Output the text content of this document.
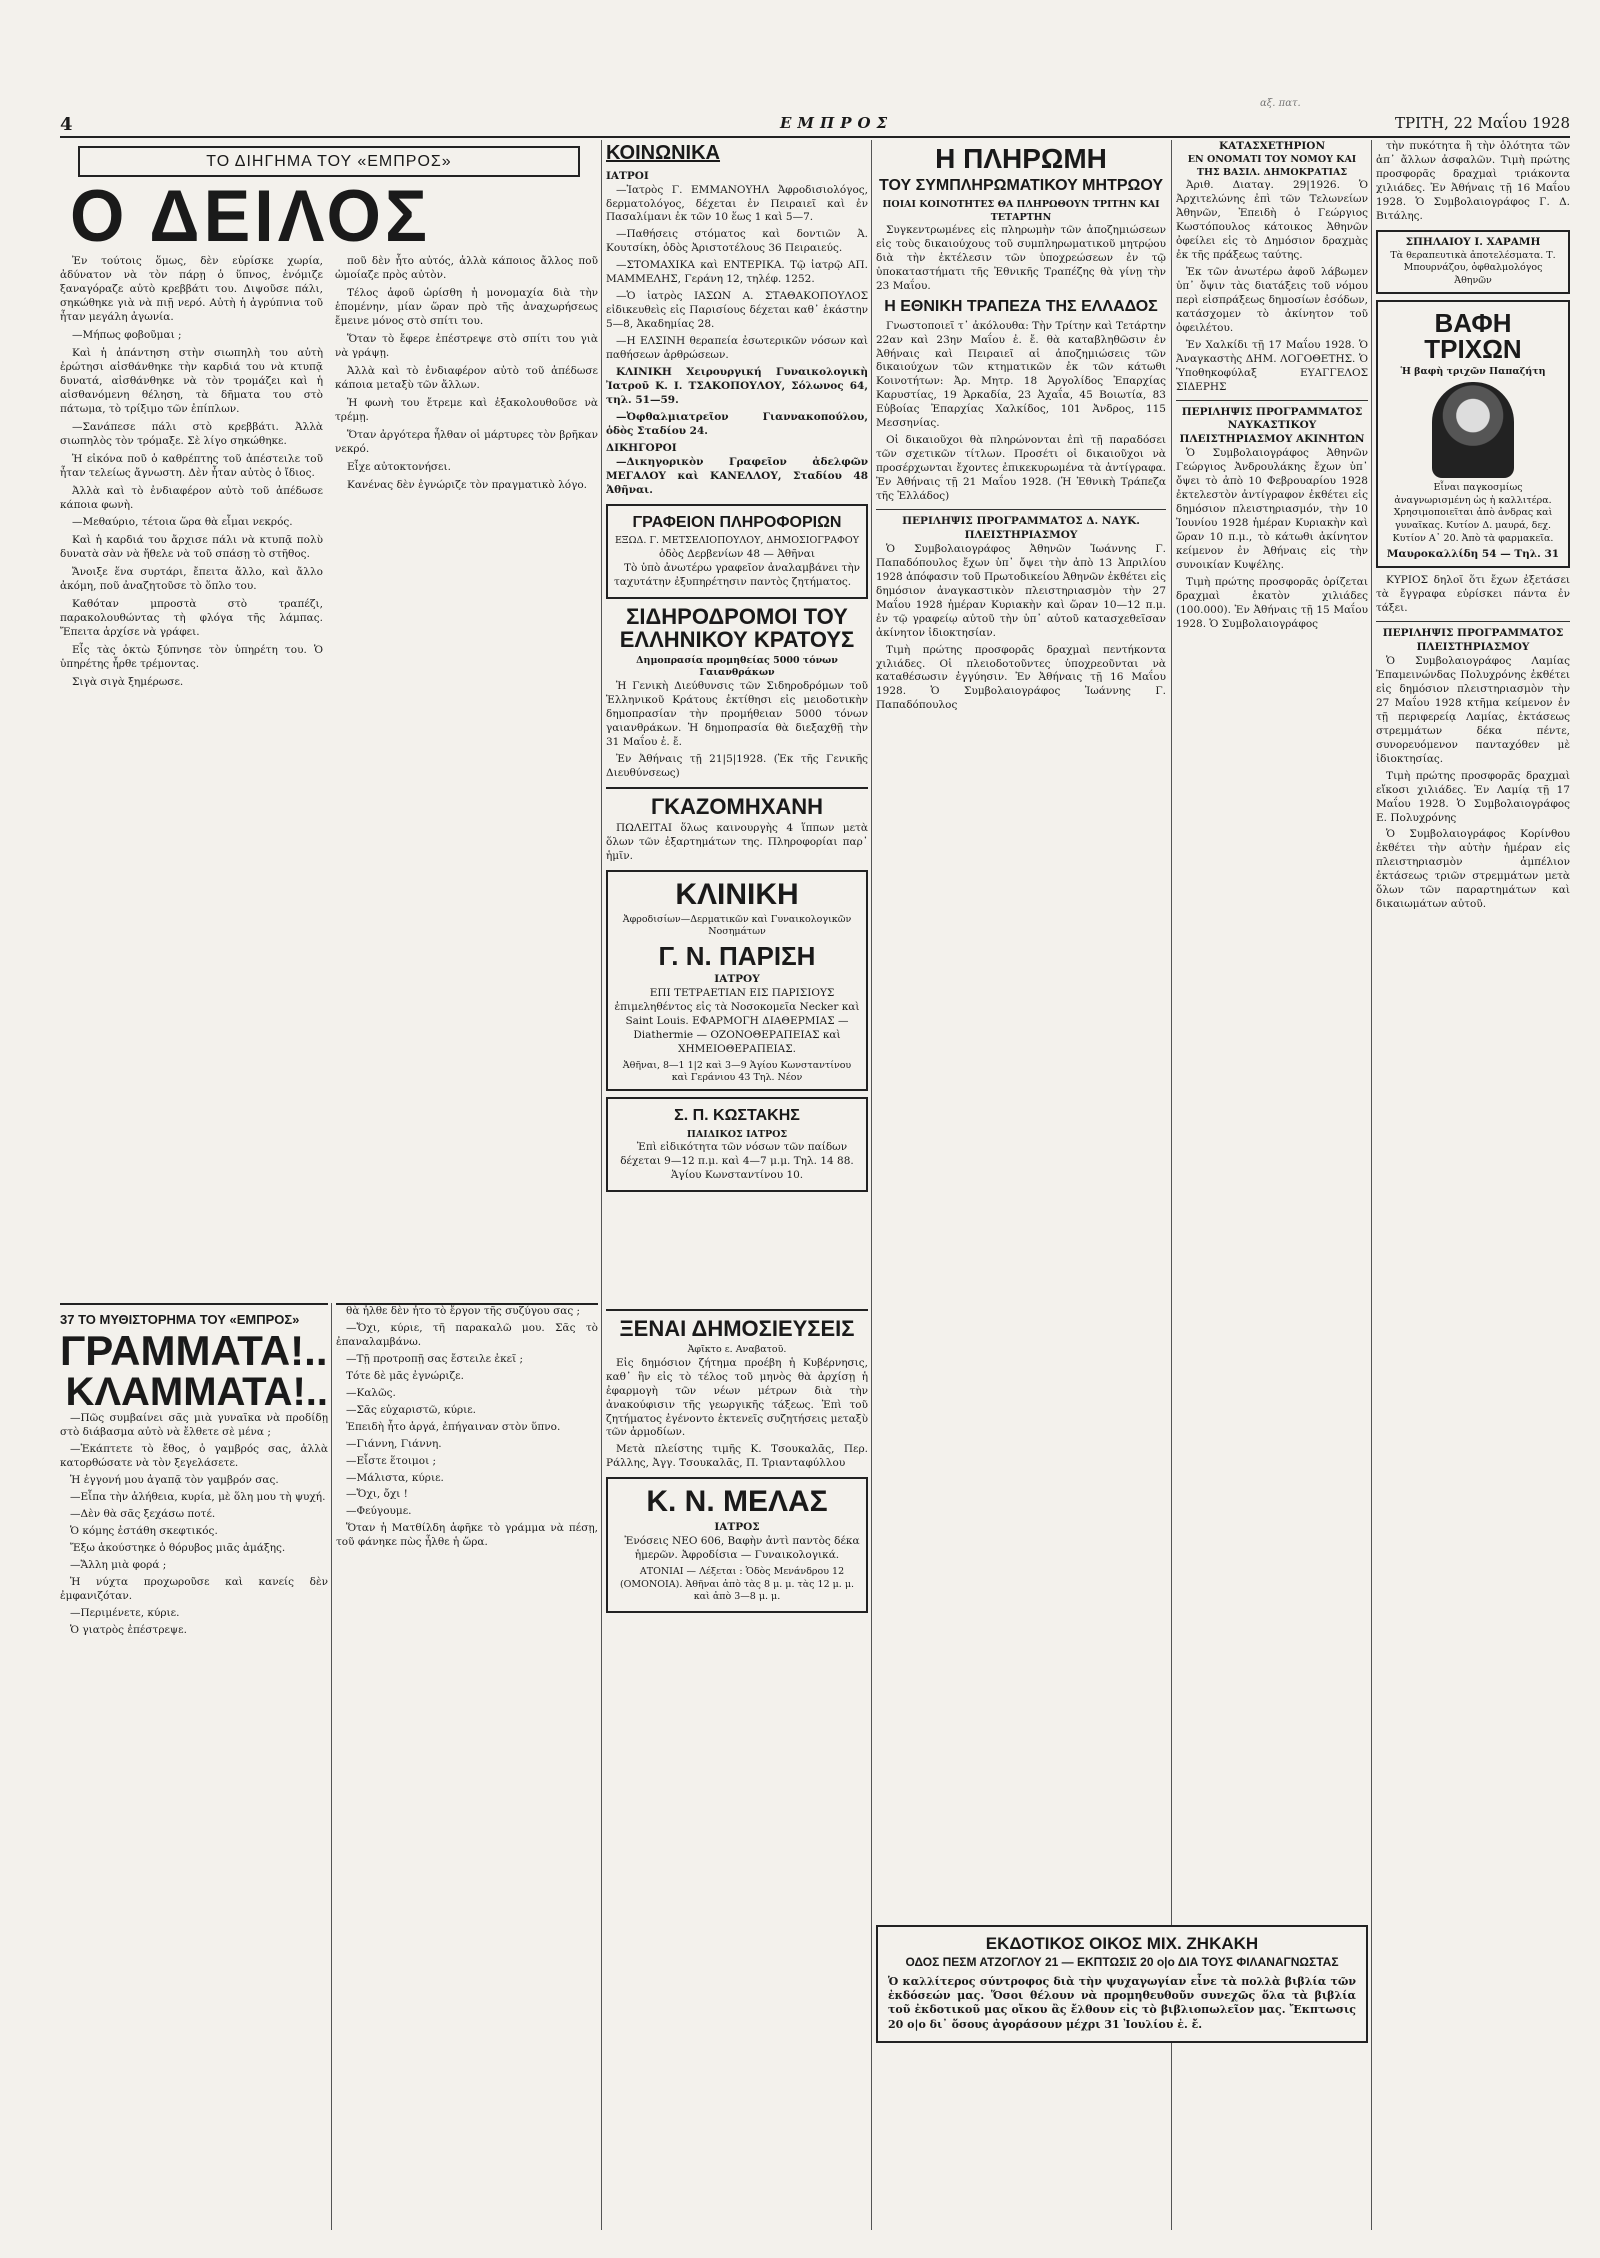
αξ. πατ.
4	ΕΜΠΡΟΣ	ΤΡΙΤΗ, 22 Μαΐου 1928
ΤΟ ΔΙΗΓΗΜΑ ΤΟΥ «ΕΜΠΡΟΣ»
Ο ΔΕΙΛΟΣ

Ἐν τούτοις ὅμως, δὲν εὑρίσκε χωρία, ἀδύνατον νὰ τὸν πάρῃ ὁ ὕπνος, ἐνόμιζε ξαναγόραζε αὐτὸ κρεββάτι του. Διψοῦσε πάλι, σηκώθηκε γιὰ νὰ πιῇ νερό. Αὐτὴ ἡ ἀγρύπνια τοῦ ἦταν μεγάλη ἀγωνία.

—Μήπως φοβοῦμαι ;

Καὶ ἡ ἀπάντηση στὴν σιωπηλὴ του αὐτὴ ἐρώτησι αἰσθάνθηκε τὴν καρδιά του νὰ κτυπᾷ δυνατά, αἰσθάνθηκε νὰ τὸν τρομάζει καὶ ἡ αἰσθανόμενη θέληση, τὰ δῆματα του στὸ πάτωμα, τὸ τρίξιμο τῶν ἐπίπλων.

—Σανάπεσε πάλι στὸ κρεββάτι. Ἀλλὰ σιωπηλὸς τὸν τρόμαξε. Σὲ λίγο σηκώθηκε.

Ἡ εἰκόνα ποῦ ὁ καθρέπτης τοῦ ἀπέστειλε τοῦ ἦταν τελείως ἄγνωστη. Δὲν ἦταν αὐτὸς ὁ ἴδιος.

Ἀλλὰ καὶ τὸ ἐνδιαφέρον αὐτὸ τοῦ ἀπέδωσε κάποια φωνὴ.

—Μεθαύριο, τέτοια ὥρα θὰ εἶμαι νεκρός.

Καὶ ἡ καρδιά του ἄρχισε πάλι νὰ κτυπᾷ πολὺ δυνατὰ σὰν νὰ ἤθελε νὰ τοῦ σπάσῃ τὸ στῆθος.

Ἄνοιξε ἕνα συρτάρι, ἔπειτα ἄλλο, καὶ ἄλλο ἀκόμη, ποῦ ἀναζητοῦσε τὸ ὅπλο του.

Καθόταν μπροστὰ στὸ τραπέζι, παρακολουθώντας τὴ φλόγα τῆς λάμπας. Ἔπειτα ἀρχίσε νὰ γράφει.

Εἶς τὰς ὀκτὼ ξύπνησε τὸν ὑπηρέτη του. Ὁ ὑπηρέτης ἦρθε τρέμοντας.

Σιγὰ σιγὰ ξημέρωσε.

ποῦ δὲν ἦτο αὐτός, ἀλλὰ κάποιος ἄλλος ποῦ ὡμοίαζε πρὸς αὐτὸν.

Τέλος ἀφοῦ ὡρίσθη ἡ μονομαχία διὰ τὴν ἑπομένην, μίαν ὥραν πρὸ τῆς ἀναχωρήσεως ἔμεινε μόνος στὸ σπίτι του.

Ὅταν τὸ ἔφερε ἐπέστρεψε στὸ σπίτι του γιὰ νὰ γράψῃ.

Ἀλλὰ καὶ τὸ ἐνδιαφέρον αὐτὸ τοῦ ἀπέδωσε κάποια μεταξὺ τῶν ἄλλων.

Ἡ φωνὴ του ἔτρεμε καὶ ἐξακολουθοῦσε νὰ τρέμῃ.

Ὅταν ἀργότερα ἦλθαν οἱ μάρτυρες τὸν βρῆκαν νεκρό.

Εἶχε αὐτοκτονήσει.

Κανένας δὲν ἐγνώριζε τὸν πραγματικὸ λόγο.

37 ΤΟ ΜΥΘΙΣΤΟΡΗΜΑ ΤΟΥ «ΕΜΠΡΟΣ»
ΓΡΑΜΜΑΤΑ!..
ΚΛΑΜΜΑΤΑ!..

—Πῶς συμβαίνει σᾶς μιὰ γυναῖκα νὰ προδίδῃ στὸ διάβασμα αὐτὸ νὰ ἔλθετε σὲ μένα ;

—Ἐκάπτετε τὸ ἔθος, ὁ γαμβρός σας, ἀλλὰ κατορθώσατε νὰ τὸν ξεγελάσετε.

Ἡ ἐγγονή μου ἀγαπᾷ τὸν γαμβρόν σας.

—Εἶπα τὴν ἀλήθεια, κυρία, μὲ ὅλη μου τὴ ψυχή.

—Δὲν θὰ σᾶς ξεχάσω ποτέ.

Ὁ κόμης ἐστάθη σκεφτικός.

Ἔξω ἀκούστηκε ὁ θόρυβος μιᾶς ἁμάξης.

—Ἄλλη μιὰ φορά ;

Ἡ νύχτα προχωροῦσε καὶ κανείς δὲν ἐμφανιζόταν.

—Περιμένετε, κύριε.

Ὁ γιατρὸς ἐπέστρεψε.

θὰ ἦλθε δὲν ἦτο τὸ ἔργον τῆς συζύγου σας ;

—Ὄχι, κύριε, τῆ παρακαλῶ μου. Σᾶς τὸ ἐπαναλαμβάνω.

—Τῇ προτροπῇ σας ἔστειλε ἐκεῖ ;

Τότε δὲ μᾶς ἐγνώριζε.

—Καλῶς.

—Σᾶς εὐχαριστῶ, κύριε.

Ἐπειδὴ ἦτο ἀργά, ἐπήγαιναν στὸν ὕπνο.

—Γιάννη, Γιάννη.

—Εἶστε ἕτοιμοι ;

—Μάλιστα, κύριε.

—Ὄχι, ὄχι !

—Φεύγουμε.

Ὅταν ἡ Ματθίλδη ἀφῆκε τὸ γράμμα νὰ πέσῃ, τοῦ φάνηκε πὼς ἦλθε ἡ ὥρα.

ΚΟΙΝΩΝΙΚΑ
ΙΑΤΡΟΙ

—Ἰατρὸς Γ. ΕΜΜΑΝΟΥΗΛ Ἀφροδισιολόγος, δερματολόγος, δέχεται ἐν Πειραιεῖ καὶ ἐν Πασαλίμανι ἐκ τῶν 10 ἕως 1 καὶ 5—7.

—Παθήσεις στόματος καὶ δοντιῶν Ἀ. Κουτσίκη, ὁδὸς Ἀριστοτέλους 36 Πειραιεύς.

—ΣΤΟΜΑΧΙΚΑ καὶ ΕΝΤΕΡΙΚΑ. Τῷ ἰατρῷ ΑΠ. ΜΑΜΜΕΛΗΣ, Γεράνη 12, τηλέφ. 1252.

—Ὁ ἰατρὸς ΙΑΣΩΝ Α. ΣΤΑΘΑΚΟΠΟΥΛΟΣ εἰδικευθεὶς εἰς Παρισίους δέχεται καθ᾿ ἑκάστην 5—8, Ἀκαδημίας 28.

—Η ΕΛΣΙΝΗ θεραπεία ἐσωτερικῶν νόσων καὶ παθήσεων ἀρθρώσεων.

ΚΛΙΝΙΚΗ Χειρουργική Γυναικολογικὴ Ἰατροῦ Κ. Ι. ΤΣΑΚΟΠΟΥΛΟΥ, Σόλωνος 64, τηλ. 51—59.

—Ὀφθαλμιατρεῖον Γιαννακοπούλου, ὁδὸς Σταδίου 24.

ΔΙΚΗΓΟΡΟΙ

—Δικηγορικὸν Γραφεῖον ἀδελφῶν ΜΕΓΑΛΟΥ καὶ ΚΑΝΕΛΛΟΥ, Σταδίου 48 Ἀθῆναι.

ΓΡΑΦΕΙΟΝ ΠΛΗΡΟΦΟΡΙΩΝ
ΕΞΩΔ. Γ. ΜΕΤΣΕΛΙΟΠΟΥΛΟΥ, ΔΗΜΟΣΙΟΓΡΑΦΟΥ
ὁδὸς Δερβενίων 48 — Ἀθῆναι

Τὸ ὑπὸ ἀνωτέρω γραφεῖον ἀναλαμβάνει τὴν ταχυτάτην ἐξυπηρέτησιν παντὸς ζητήματος.

ΣΙΔΗΡΟΔΡΟΜΟΙ ΤΟΥ ΕΛΛΗΝΙΚΟΥ ΚΡΑΤΟΥΣ
Δημοπρασία προμηθείας 5000 τόνων Γαιανθράκων

Ἡ Γενικὴ Διεύθυνσις τῶν Σιδηροδρόμων τοῦ Ἑλληνικοῦ Κράτους ἐκτίθησι εἰς μειοδοτικὴν δημοπρασίαν τὴν προμήθειαν 5000 τόνων γαιανθράκων. Ἡ δημοπρασία θὰ διεξαχθῇ τὴν 31 Μαΐου ἐ. ἔ.

Ἐν Ἀθήναις τῇ 21|5|1928. (Ἐκ τῆς Γενικῆς Διευθύνσεως)

ΓΚΑΖΟΜΗΧΑΝΗ

ΠΩΛΕΙΤΑΙ ὅλως καινουργὴς 4 ἵππων μετὰ ὅλων τῶν ἐξαρτημάτων της. Πληροφορίαι παρ᾿ ἡμῖν.

ΚΛΙΝΙΚΗ
Ἀφροδισίων—Δερματικῶν καὶ Γυναικολογικῶν Νοσημάτων
Γ. Ν. ΠΑΡΙΣΗ
ΙΑΤΡΟΥ

ΕΠΙ ΤΕΤΡΑΕΤΙΑΝ ΕΙΣ ΠΑΡΙΣΙΟΥΣ ἐπιμεληθέντος εἰς τὰ Νοσοκομεῖα Necker καὶ Saint Louis. ΕΦΑΡΜΟΓΗ ΔΙΑΘΕΡΜΙΑΣ — Diathermie — ΟΖΟΝΟΘΕΡΑΠΕΙΑΣ καὶ ΧΗΜΕΙΟΘΕΡΑΠΕΙΑΣ.

Ἀθῆναι, 8—1 1|2 καὶ 3—9 Ἁγίου Κωνσταντίνου καὶ Γεράνιου 43 Τηλ. Νέον
Σ. Π. ΚΩΣΤΑΚΗΣ
ΠΑΙΔΙΚΟΣ ΙΑΤΡΟΣ

Ἐπὶ εἰδικότητα τῶν νόσων τῶν παίδων δέχεται 9—12 π.μ. καὶ 4—7 μ.μ. Τηλ. 14 88. Ἁγίου Κωνσταντίνου 10.

ΞΕΝΑΙ ΔΗΜΟΣΙΕΥΣΕΙΣ
Ἀφῖκτο ε. Αναβατοῦ.

Εἰς δημόσιον ζήτημα προέβη ἡ Κυβέρνησις, καθ᾿ ἣν εἰς τὸ τέλος τοῦ μηνὸς θὰ ἀρχίσῃ ἡ ἐφαρμογὴ τῶν νέων μέτρων διὰ τὴν ἀνακούφισιν τῆς γεωργικῆς τάξεως. Ἐπὶ τοῦ ζητήματος ἐγένοντο ἐκτενεῖς συζητήσεις μεταξὺ τῶν ἁρμοδίων.

Μετὰ πλείστης τιμῆς Κ. Τσουκαλᾶς, Περ. Ράλλης, Ἀγγ. Τσουκαλᾶς, Π. Τριανταφύλλου

Κ. Ν. ΜΕΛΑΣ
ΙΑΤΡΟΣ

Ἐνόσεις ΝΕΟ 606, Βαφὴν ἀντὶ παντὸς δέκα ἡμερῶν. Ἀφροδίσια — Γυναικολογικά.

ΑΤΟΝΙΑΙ — Λέξεται : Ὁδὸς Μενάνδρου 12 (ΟΜΟΝΟΙΑ). Ἀθῆναι ἀπὸ τὰς 8 μ. μ. τὰς 12 μ. μ. καὶ ἀπὸ 3—8 μ. μ.

Η ΠΛΗΡΩΜΗ
ΤΟΥ ΣΥΜΠΛΗΡΩΜΑΤΙΚΟΥ ΜΗΤΡΩΟΥ
ΠΟΙΑΙ ΚΟΙΝΟΤΗΤΕΣ ΘΑ ΠΛΗΡΩΘΟΥΝ ΤΡΙΤΗΝ ΚΑΙ ΤΕΤΑΡΤΗΝ

Συγκεντρωμένες εἰς πληρωμὴν τῶν ἀποζημιώσεων εἰς τοὺς δικαιούχους τοῦ συμπληρωματικοῦ μητρῴου διὰ τὴν ἐκτέλεσιν τῶν ὑποχρεώσεων ἐν τῷ ὑποκαταστήματι τῆς Ἐθνικῆς Τραπέζης θὰ γίνῃ τὴν 23 Μαΐου.

Η ΕΘΝΙΚΗ ΤΡΑΠΕΖΑ ΤΗΣ ΕΛΛΑΔΟΣ

Γνωστοποιεῖ τ᾿ ἀκόλουθα: Τὴν Τρίτην καὶ Τετάρτην 22αν καὶ 23ην Μαΐου ἐ. ἔ. θὰ καταβληθῶσιν ἐν Ἀθήναις καὶ Πειραιεῖ αἱ ἀποζημιώσεις τῶν δικαιούχων τῶν κτηματικῶν ἐκ τῶν κάτωθι Κοινοτήτων: Ἀρ. Μητρ. 18 Ἀργολίδος Ἐπαρχίας Καρυστίας, 19 Ἀρκαδία, 23 Ἀχαΐα, 45 Βοιωτία, 83 Εὐβοίας Ἐπαρχίας Χαλκίδος, 101 Ἀνδρος, 115 Μεσσηνίας.

Οἱ δικαιοῦχοι θὰ πληρώνονται ἐπὶ τῇ παραδόσει τῶν σχετικῶν τίτλων. Προσέτι οἱ δικαιοῦχοι νὰ προσέρχωνται ἔχοντες ἐπικεκυρωμένα τὰ ἀντίγραφα. Ἐν Ἀθήναις τῇ 21 Μαΐου 1928. (Ἡ Ἐθνικὴ Τράπεζα τῆς Ἑλλάδος)

ΠΕΡΙΛΗΨΙΣ ΠΡΟΓΡΑΜΜΑΤΟΣ Δ. ΝΑΥΚ. ΠΛΕΙΣΤΗΡΙΑΣΜΟΥ

Ὁ Συμβολαιογράφος Ἀθηνῶν Ἰωάννης Γ. Παπαδόπουλος ἔχων ὑπ᾿ ὄψει τὴν ἀπὸ 13 Ἀπριλίου 1928 ἀπόφασιν τοῦ Πρωτοδικείου Ἀθηνῶν ἐκθέτει εἰς δημόσιον ἀναγκαστικὸν πλειστηριασμὸν τὴν 27 Μαΐου 1928 ἡμέραν Κυριακὴν καὶ ὥραν 10—12 π.μ. ἐν τῷ γραφείῳ αὐτοῦ τὴν ὑπ᾿ αὐτοῦ κατασχεθεῖσαν ἀκίνητον ἰδιοκτησίαν.

Τιμὴ πρώτης προσφορᾶς δραχμαὶ πεντήκοντα χιλιάδες. Οἱ πλειοδοτοῦντες ὑποχρεοῦνται νὰ καταθέσωσιν ἐγγύησιν. Ἐν Ἀθήναις τῇ 16 Μαΐου 1928. Ὁ Συμβολαιογράφος Ἰωάννης Γ. Παπαδόπουλος

ΚΑΤΑΣΧΕΤΗΡΙΟΝ
ΕΝ ΟΝΟΜΑΤΙ ΤΟΥ ΝΟΜΟΥ ΚΑΙ ΤΗΣ ΒΑΣΙΛ. ΔΗΜΟΚΡΑΤΙΑΣ

Ἀριθ. Διαταγ. 29|1926. Ὁ Ἀρχιτελώνης ἐπὶ τῶν Τελωνείων Ἀθηνῶν, Ἐπειδὴ ὁ Γεώργιος Κωστόπουλος κάτοικος Ἀθηνῶν ὀφείλει εἰς τὸ Δημόσιον δραχμὰς ἐκ τῆς πράξεως ταύτης.

Ἐκ τῶν ἀνωτέρω ἀφοῦ λάβωμεν ὑπ᾿ ὄψιν τὰς διατάξεις τοῦ νόμου περὶ εἰσπράξεως δημοσίων ἐσόδων, κατάσχομεν τὸ ἀκίνητον τοῦ ὀφειλέτου.

Ἐν Χαλκίδι τῇ 17 Μαΐου 1928. Ὁ Ἀναγκαστὴς ΔΗΜ. ΛΟΓΟΘΕΤΗΣ. Ὁ Ὑποθηκοφύλαξ ΕΥΑΓΓΕΛΟΣ ΣΙΔΕΡΗΣ

ΠΕΡΙΛΗΨΙΣ ΠΡΟΓΡΑΜΜΑΤΟΣ ΝΑΥΚΑΣΤΙΚΟΥ ΠΛΕΙΣΤΗΡΙΑΣΜΟΥ ΑΚΙΝΗΤΩΝ

Ὁ Συμβολαιογράφος Ἀθηνῶν Γεώργιος Ἀνδρουλάκης ἔχων ὑπ᾿ ὄψει τὸ ἀπὸ 10 Φεβρουαρίου 1928 ἐκτελεστὸν ἀντίγραφον ἐκθέτει εἰς δημόσιον πλειστηριασμόν, τὴν 10 Ἰουνίου 1928 ἡμέραν Κυριακὴν καὶ ὥραν 10 π.μ., τὸ κάτωθι ἀκίνητον κείμενον ἐν Ἀθήναις εἰς τὴν συνοικίαν Κυψέλης.

Τιμὴ πρώτης προσφορᾶς ὁρίζεται δραχμαὶ ἑκατὸν χιλιάδες (100.000). Ἐν Ἀθήναις τῇ 15 Μαΐου 1928. Ὁ Συμβολαιογράφος

τὴν πυκότητα ἢ τὴν ὁλότητα τῶν ἀπ᾿ ἄλλων ἀσφαλῶν. Τιμὴ πρώτης προσφορᾶς δραχμαὶ τριάκοντα χιλιάδες. Ἐν Ἀθήναις τῇ 16 Μαΐου 1928. Ὁ Συμβολαιογράφος Γ. Δ. Βιτάλης.

ΣΠΗΛΑΙΟΥ Ι. ΧΑΡΑΜΗ
Τὰ θεραπευτικὰ ἀποτελέσματα. Τ. Μπουρνάζου, ὀφθαλμολόγος Ἀθηνῶν
ΒΑΦΗ ΤΡΙΧΩΝ
Ἡ βαφὴ τριχῶν Παπαζήτη

Εἶναι παγκοσμίως ἀναγνωρισμένη ὡς ἡ καλλιτέρα. Χρησιμοποιεῖται ἀπὸ ἀνδρας καὶ γυναῖκας. Κυτίον Δ. μαυρά, δεχ. Κυτίον Α᾿ 20. Ἀπὸ τὰ φαρμακεῖα.

Μαυροκαλλίδη 54 — Τηλ. 31

ΚΥΡΙΟΣ δηλοῖ ὅτι ἔχων ἐξετάσει τὰ ἔγγραφα εὐρίσκει πάντα ἐν τάξει.

ΠΕΡΙΛΗΨΙΣ ΠΡΟΓΡΑΜΜΑΤΟΣ ΠΛΕΙΣΤΗΡΙΑΣΜΟΥ

Ὁ Συμβολαιογράφος Λαμίας Ἐπαμεινώνδας Πολυχρόνης ἐκθέτει εἰς δημόσιον πλειστηριασμὸν τὴν 27 Μαΐου 1928 κτῆμα κείμενον ἐν τῇ περιφερείᾳ Λαμίας, ἐκτάσεως στρεμμάτων δέκα πέντε, συνορευόμενον πανταχόθεν μὲ ἰδιοκτησίας.

Τιμὴ πρώτης προσφορᾶς δραχμαὶ εἴκοσι χιλιάδες. Ἐν Λαμίᾳ τῇ 17 Μαΐου 1928. Ὁ Συμβολαιογράφος Ε. Πολυχρόνης

Ὁ Συμβολαιογράφος Κορίνθου ἐκθέτει τὴν αὐτὴν ἡμέραν εἰς πλειστηριασμὸν ἀμπέλιον ἐκτάσεως τριῶν στρεμμάτων μετὰ ὅλων τῶν παραρτημάτων καὶ δικαιωμάτων αὐτοῦ.

ΕΚΔΟΤΙΚΟΣ ΟΙΚΟΣ ΜΙΧ. ΖΗΚΑΚΗ
ΟΔΟΣ ΠΕΣΜ ΑΤΖΟΓΛΟΥ 21 — ΕΚΠΤΩΣΙΣ 20 ο|ο ΔΙΑ ΤΟΥΣ ΦΙΛΑΝΑΓΝΩΣΤΑΣ
Ὁ καλλίτερος σύντροφος διὰ τὴν ψυχαγωγίαν εἶνε τὰ πολλὰ βιβλία τῶν ἐκδόσεών μας. Ὅσοι θέλουν νὰ προμηθευθοῦν συνεχῶς ὅλα τὰ βιβλία τοῦ ἐκδοτικοῦ μας οἴκου ἂς ἔλθουν εἰς τὸ βιβλιοπωλεῖον μας. Ἔκπτωσις 20 ο|ο δι᾿ ὅσους ἀγοράσουν μέχρι 31 Ἰουλίου ἐ. ἔ.
